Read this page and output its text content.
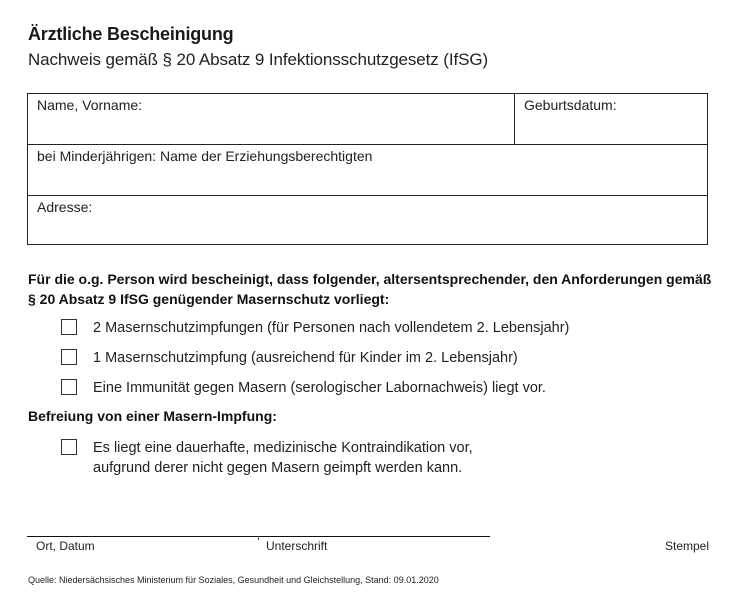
Ärztliche Bescheinigung
Nachweis gemäß § 20 Absatz 9 Infektionsschutzgesetz (IfSG)
Name, Vorname:	Geburtsdatum:
bei Minderjährigen: Name der Erziehungsberechtigten
Adresse:
Für die o.g. Person wird bescheinigt, dass folgender, altersentsprechender, den Anforderungen gemäß § 20 Absatz 9 IfSG genügender Masernschutz vorliegt:
2 Masernschutzimpfungen (für Personen nach vollendetem 2. Lebensjahr)
1 Masernschutzimpfung (ausreichend für Kinder im 2. Lebensjahr)
Eine Immunität gegen Masern (serologischer Labornachweis) liegt vor.
Befreiung von einer Masern-Impfung:
Es liegt eine dauerhafte, medizinische Kontraindikation vor,
aufgrund derer nicht gegen Masern geimpft werden kann.
Ort, Datum	Unterschrift	Stempel
Quelle: Niedersächsisches Ministerium für Soziales, Gesundheit und Gleichstellung, Stand: 09.01.2020
